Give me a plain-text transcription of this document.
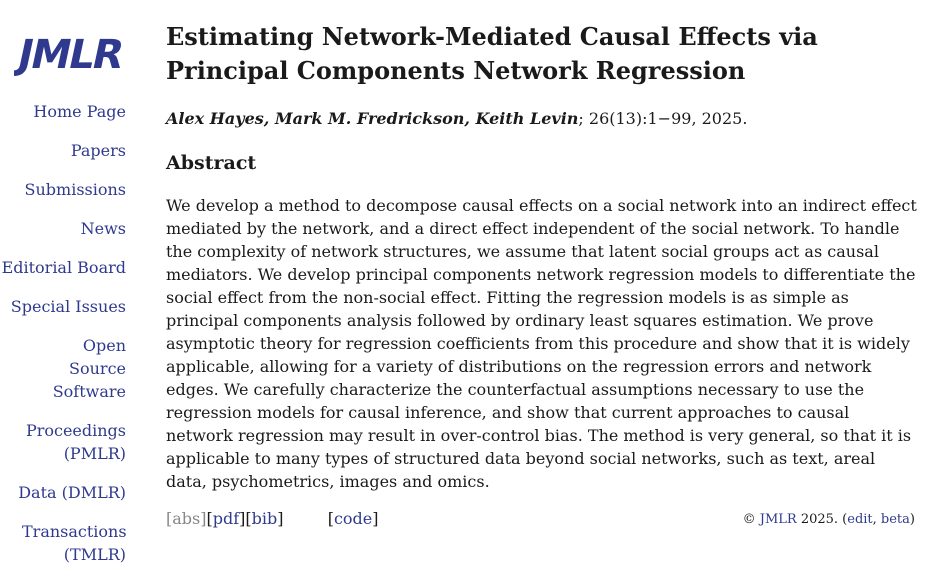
JMLR
Home Page
Papers
Submissions
News
Editorial Board
Special Issues
Open Source Software
Proceedings (PMLR)
Data (DMLR)
Transactions (TMLR)
Estimating Network-Mediated Causal Effects via Principal Components Network Regression
Alex Hayes, Mark M. Fredrickson, Keith Levin; 26(13):1−99, 2025.
Abstract
We develop a method to decompose causal effects on a social network into an indirect effect mediated by the network, and a direct effect independent of the social network. To handle the complexity of network structures, we assume that latent social groups act as causal mediators. We develop principal components network regression models to differentiate the social effect from the non-social effect. Fitting the regression models is as simple as principal components analysis followed by ordinary least squares estimation. We prove asymptotic theory for regression coefficients from this procedure and show that it is widely applicable, allowing for a variety of distributions on the regression errors and network edges. We carefully characterize the counterfactual assumptions necessary to use the regression models for causal inference, and show that current approaches to causal network regression may result in over-control bias. The method is very general, so that it is applicable to many types of structured data beyond social networks, such as text, areal data, psychometrics, images and omics.
[abs][pdf][bib]	[code]	© JMLR 2025. (edit, beta)
